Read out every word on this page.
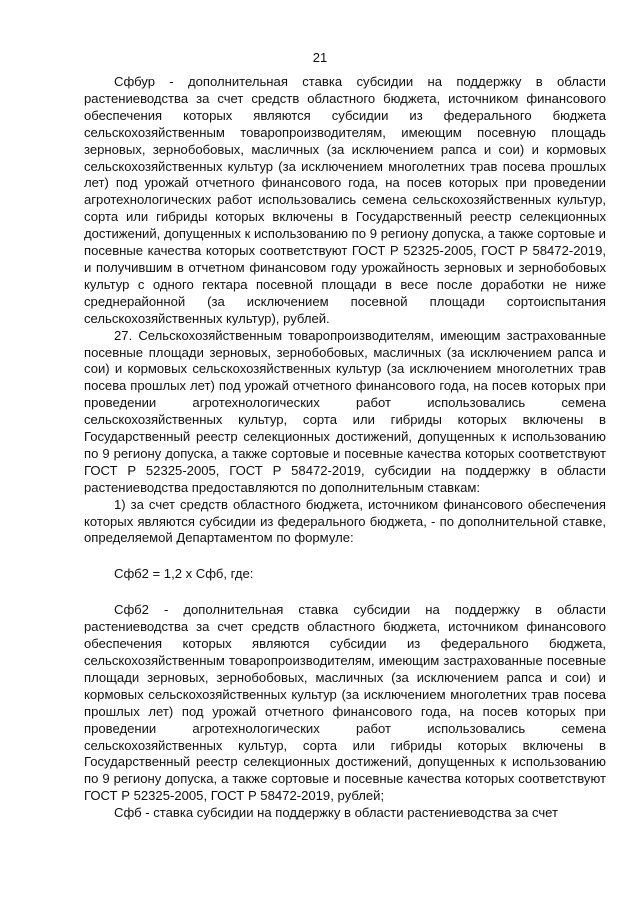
21

Сфбур - дополнительная ставка субсидии на поддержку в области растениеводства за счет средств областного бюджета, источником финансового обеспечения которых являются субсидии из федерального бюджета сельскохозяйственным товаропроизводителям, имеющим посевную площадь зерновых, зернобобовых, масличных (за исключением рапса и сои) и кормовых сельскохозяйственных культур (за исключением многолетних трав посева прошлых лет) под урожай отчетного финансового года, на посев которых при проведении агротехнологических работ использовались семена сельскохозяйственных культур, сорта или гибриды которых включены в Государственный реестр селекционных достижений, допущенных к использованию по 9 региону допуска, а также сортовые и посевные качества которых соответствуют ГОСТ Р 52325-2005, ГОСТ Р 58472-2019, и получившим в отчетном финансовом году урожайность зерновых и зернобобовых культур с одного гектара посевной площади в весе после доработки не ниже среднерайонной (за исключением посевной площади сортоиспытания сельскохозяйственных культур), рублей.

27. Сельскохозяйственным товаропроизводителям, имеющим застрахованные посевные площади зерновых, зернобобовых, масличных (за исключением рапса и сои) и кормовых сельскохозяйственных культур (за исключением многолетних трав посева прошлых лет) под урожай отчетного финансового года, на посев которых при проведении агротехнологических работ использовались семена сельскохозяйственных культур, сорта или гибриды которых включены в Государственный реестр селекционных достижений, допущенных к использованию по 9 региону допуска, а также сортовые и посевные качества которых соответствуют ГОСТ Р 52325-2005, ГОСТ Р 58472-2019, субсидии на поддержку в области растениеводства предоставляются по дополнительным ставкам:

1) за счет средств областного бюджета, источником финансового обеспечения которых являются субсидии из федерального бюджета, - по дополнительной ставке, определяемой Департаментом по формуле:

Сфб2 = 1,2 х Сфб, где:

Сфб2 - дополнительная ставка субсидии на поддержку в области растениеводства за счет средств областного бюджета, источником финансового обеспечения которых являются субсидии из федерального бюджета, сельскохозяйственным товаропроизводителям, имеющим застрахованные посевные площади зерновых, зернобобовых, масличных (за исключением рапса и сои) и кормовых сельскохозяйственных культур (за исключением многолетних трав посева прошлых лет) под урожай отчетного финансового года, на посев которых при проведении агротехнологических работ использовались семена сельскохозяйственных культур, сорта или гибриды которых включены в Государственный реестр селекционных достижений, допущенных к использованию по 9 региону допуска, а также сортовые и посевные качества которых соответствуют ГОСТ Р 52325-2005, ГОСТ Р 58472-2019, рублей;

Сфб - ставка субсидии на поддержку в области растениеводства за счет
